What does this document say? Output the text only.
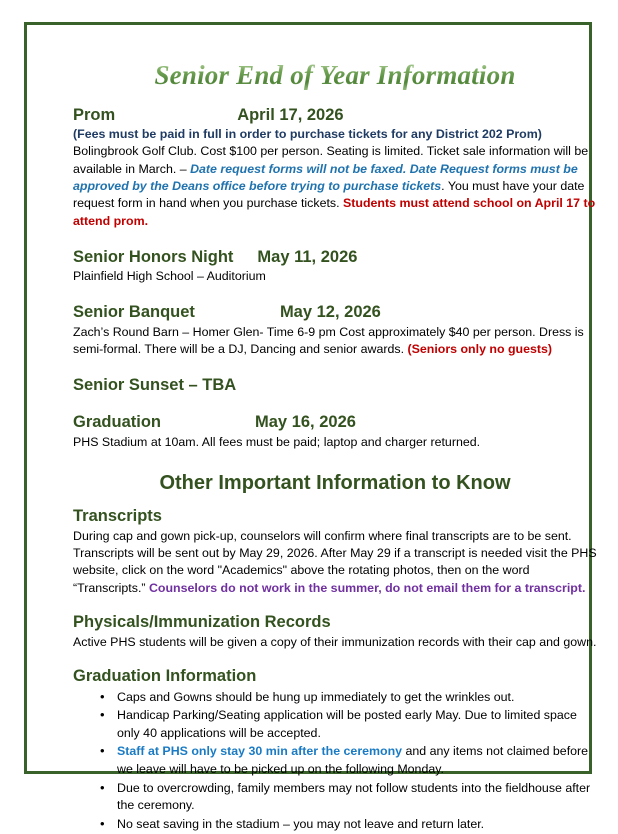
Senior End of Year Information
Prom	April 17, 2026

(Fees must be paid in full in order to purchase tickets for any District 202 Prom)

Bolingbrook Golf Club. Cost $100 per person. Seating is limited. Ticket sale information will be available in March. – Date request forms will not be faxed. Date Request forms must be approved by the Deans office before trying to purchase tickets. You must have your date request form in hand when you purchase tickets. Students must attend school on April 17 to attend prom.

Senior Honors Night May 11, 2026

Plainfield High School – Auditorium

Senior Banquet	May 12, 2026

Zach’s Round Barn – Homer Glen- Time 6-9 pm Cost approximately $40 per person. Dress is semi-formal. There will be a DJ, Dancing and senior awards. (Seniors only no guests)

Senior Sunset – TBA
Graduation	May 16, 2026

PHS Stadium at 10am. All fees must be paid; laptop and charger returned.

Other Important Information to Know
Transcripts

During cap and gown pick-up, counselors will confirm where final transcripts are to be sent. Transcripts will be sent out by May 29, 2026. After May 29 if a transcript is needed visit the PHS website, click on the word "Academics" above the rotating photos, then on the word “Transcripts.” Counselors do not work in the summer, do not email them for a transcript.

Physicals/Immunization Records

Active PHS students will be given a copy of their immunization records with their cap and gown.

Graduation Information
• Caps and Gowns should be hung up immediately to get the wrinkles out.
• Handicap Parking/Seating application will be posted early May. Due to limited space only 40 applications will be accepted.
• Staff at PHS only stay 30 min after the ceremony and any items not claimed before we leave will have to be picked up on the following Monday.
• Due to overcrowding, family members may not follow students into the fieldhouse after the ceremony.
• No seat saving in the stadium – you may not leave and return later.
